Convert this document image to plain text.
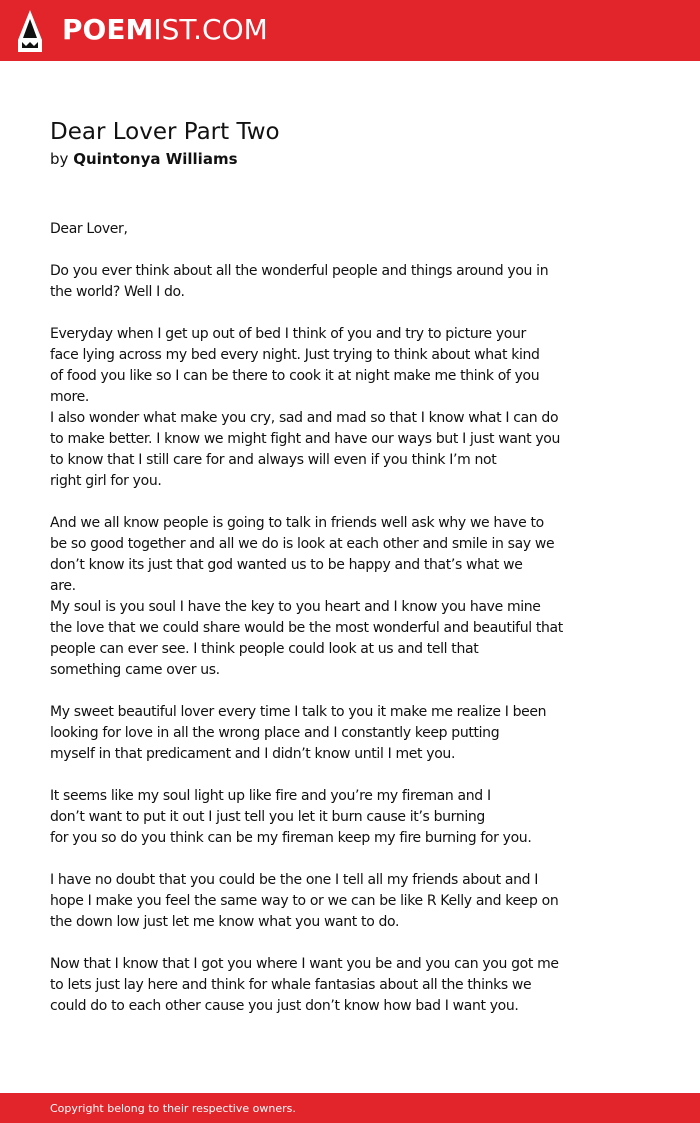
POEMIST.COM
Dear Lover Part Two
by Quintonya Williams

Dear Lover,

Do you ever think about all the wonderful people and things around you in
the world? Well I do.

Everyday when I get up out of bed I think of you and try to picture your
face lying across my bed every night. Just trying to think about what kind
of food you like so I can be there to cook it at night make me think of you
more.
I also wonder what make you cry, sad and mad so that I know what I can do
to make better. I know we might fight and have our ways but I just want you
to know that I still care for and always will even if you think I’m not
right girl for you.

And we all know people is going to talk in friends well ask why we have to
be so good together and all we do is look at each other and smile in say we
don’t know its just that god wanted us to be happy and that’s what we
are.
My soul is you soul I have the key to you heart and I know you have mine
the love that we could share would be the most wonderful and beautiful that
people can ever see. I think people could look at us and tell that
something came over us.

My sweet beautiful lover every time I talk to you it make me realize I been
looking for love in all the wrong place and I constantly keep putting
myself in that predicament and I didn’t know until I met you.

It seems like my soul light up like fire and you’re my fireman and I
don’t want to put it out I just tell you let it burn cause it’s burning
for you so do you think can be my fireman keep my fire burning for you.

I have no doubt that you could be the one I tell all my friends about and I
hope I make you feel the same way to or we can be like R Kelly and keep on
the down low just let me know what you want to do.

Now that I know that I got you where I want you be and you can you got me
to lets just lay here and think for whale fantasias about all the thinks we
could do to each other cause you just don’t know how bad I want you.

Copyright belong to their respective owners.
